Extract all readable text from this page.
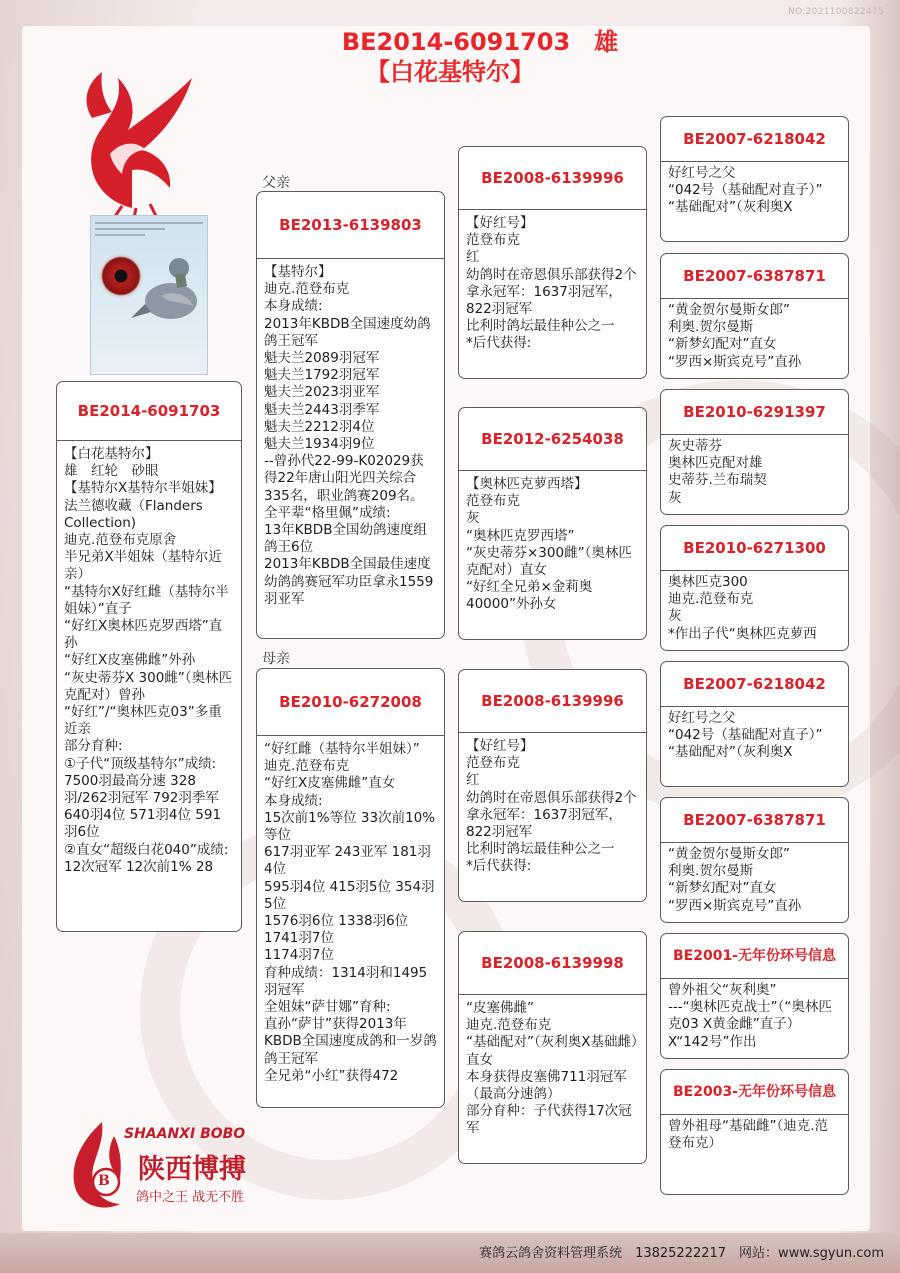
NO:2021100822475
BE2014-6091703　雄
【白花基特尔】
父亲
母亲
BE2014-6091703
【白花基特尔】
雄　红轮　砂眼
【基特尔X基特尔半姐妹】
法兰德收藏（Flanders Collection)
迪克.范登布克原舍
半兄弟X半姐妹（基特尔近亲）
“基特尔X好红雌（基特尔半姐妹）”直子
“好红X奥林匹克罗西塔”直孙
“好红X皮塞佛雌”外孙
“灰史蒂芬X 300雌”（奥林匹克配对）曾孙
“好红”/“奥林匹克03”多重近亲
部分育种:
①子代“顶级基特尔”成绩:
7500羽最高分速 328羽/262羽冠军 792羽季军 640羽4位 571羽4位 591羽6位
②直女“超级白花040”成绩:
12次冠军 12次前1% 28
BE2013-6139803
【基特尔】
迪克.范登布克
本身成绩:
2013年KBDB全国速度幼鸽鸽王冠军
魁夫兰2089羽冠军
魁夫兰1792羽冠军
魁夫兰2023羽亚军
魁夫兰2443羽季军
魁夫兰2212羽4位
魁夫兰1934羽9位
--曾孙代22-99-K02029获得22年唐山阳光四关综合335名，职业鸽赛209名。
全平辈“格里佩”成绩:
13年KBDB全国幼鸽速度组鸽王6位
2013年KBDB全国最佳速度幼鸽鸽赛冠军功臣拿永1559羽亚军
BE2010-6272008
“好红雌（基特尔半姐妹）”
迪克.范登布克
“好红X皮塞佛雌”直女
本身成绩:
15次前1%等位 33次前10%等位
617羽亚军 243亚军 181羽4位
595羽4位 415羽5位 354羽5位
1576羽6位 1338羽6位 1741羽7位
1174羽7位
育种成绩：1314羽和1495羽冠军
全姐妹“萨甘娜”育种:
直孙“萨甘”获得2013年KBDB全国速度成鸽和一岁鸽鸽王冠军
全兄弟“小红”获得472
BE2008-6139996
【好红号】
范登布克
红
幼鸽时在帝恩俱乐部获得2个拿永冠军：1637羽冠军，822羽冠军
比利时鸽坛最佳种公之一
*后代获得:
BE2012-6254038
【奥林匹克萝西塔】
范登布克
灰
“奥林匹克罗西塔”
“灰史蒂芬×300雌”（奥林匹克配对）直女
“好红全兄弟×金莉奥40000”外孙女
BE2008-6139996
【好红号】
范登布克
红
幼鸽时在帝恩俱乐部获得2个拿永冠军：1637羽冠军，822羽冠军
比利时鸽坛最佳种公之一
*后代获得:
BE2008-6139998
“皮塞佛雌”
迪克.范登布克
“基础配对”（灰利奥X基础雌）直女
本身获得皮塞佛711羽冠军（最高分速鸽）
部分育种：子代获得17次冠军
BE2007-6218042
好红号之父
“042号（基础配对直子）”
“基础配对”（灰利奥X
BE2007-6387871
“黄金贺尔曼斯女郎”
利奥.贺尔曼斯
“新梦幻配对”直女
“罗西×斯宾克号”直孙
BE2010-6291397
灰史蒂芬
奥林匹克配对雄
史蒂芬.兰布瑞契
灰
BE2010-6271300
奥林匹克300
迪克.范登布克
灰
*作出子代“奥林匹克萝西
BE2007-6218042
好红号之父
“042号（基础配对直子）”
“基础配对”（灰利奥X
BE2007-6387871
“黄金贺尔曼斯女郎”
利奥.贺尔曼斯
“新梦幻配对”直女
“罗西×斯宾克号”直孙
BE2001-无年份环号信息
曾外祖父“灰利奥”
---“奥林匹克战士”（“奥林匹克03 X黄金雌”直子）X“142号”作出
BE2003-无年份环号信息
曾外祖母“基础雌”（迪克.范登布克）
B
SHAANXI BOBO
陕西博搏
鸽中之王 战无不胜
赛鸽云鸽舍资料管理系统　13825222217　网站：www.sgyun.com
